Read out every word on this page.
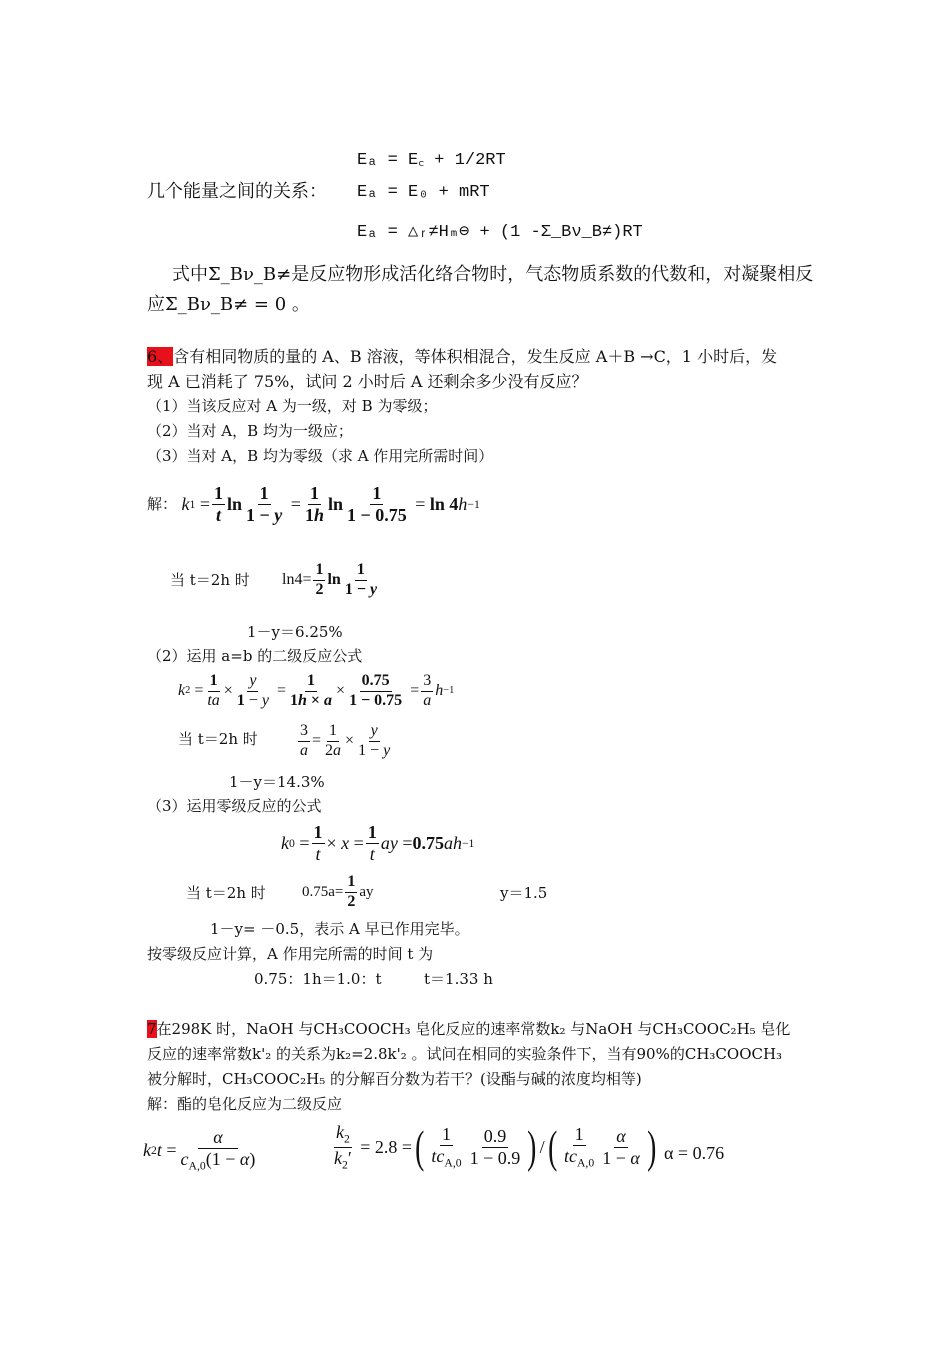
Eₐ = E꜀ + 1/2RT
几个能量之间的关系： Eₐ = E₀ + mRT
Eₐ = △ᵣ≠Hₘ⊖ + (1 -Σ_Bν_B≠)RT
式中Σ_Bν_B≠是反应物形成活化络合物时，气态物质系数的代数和，对凝聚相反
应Σ_Bν_B≠ = 0 。
6、含有相同物质的量的 A、B 溶液，等体积相混合，发生反应 A＋B →C，1 小时后，发
现 A 已消耗了 75%，试问 2 小时后 A 还剩余多少没有反应？
（1）当该反应对 A 为一级，对 B 为零级；
（2）当对 A，B 均为一级应；
（3）当对 A，B 均为零级（求 A 作用完所需时间）
解： k $1 = \frac{1}{t}$ $\ln \frac{1}{1 - y} = \frac{1}{1h}$ $\ln \frac{1}{1 - 0.75} = \ln 4$ h −1
当 t＝2h 时 $\ln 4= \frac{1}{2}$ $\ln \frac{1}{1 - y}$
1－y＝6.25%
（2）运用 a=b 的二级反应公式
k $2 = \frac{1}{ta} \times \frac{y}{1 - y} = \frac{1}{1h \times a} \times \frac{0.75}{1 - 0.75} = \frac{3}{a}$ h −1
当 t＝2h 时	$\frac{3}{a} = \frac{1}{2a} \times \frac{y}{1 - y}$
1－y＝14.3%
（3）运用零级反应的公式
k $0 = \frac{1}{t} \times x = \frac{1}{t}$ ay = 0.75 ah −1
当 t＝2h 时 $0.75a= \frac{1}{2}$ ay	y＝1.5
1－y= －0.5，表示 A 早已作用完毕。
按零级反应计算，A 作用完所需的时间 t 为
0.75：1h＝1.0：t	t＝1.33 h
7在298K 时，NaOH 与CH₃COOCH₃ 皂化反应的速率常数k₂ 与NaOH 与CH₃COOC₂H₅ 皂化
反应的速率常数k'₂ 的关系为k₂=2.8k'₂ 。试问在相同的实验条件下，当有90%的CH₃COOCH₃
被分解时，CH₃COOC₂H₅ 的分解百分数为若干？(设酯与碱的浓度均相等)
解：酯的皂化反应为二级反应
k 2 $t = \frac{\alpha}{c_{A,0}(1 - \alpha)}$	$\frac{k_2}{k_2'} = 2.8$ = ( $\frac{1}{tc_{A,0}} \frac{0.9}{1 - 0.9}$ ) / ( $\frac{1}{tc_{A,0}} \frac{\alpha}{1 - \alpha}$ ) α = 0.76
